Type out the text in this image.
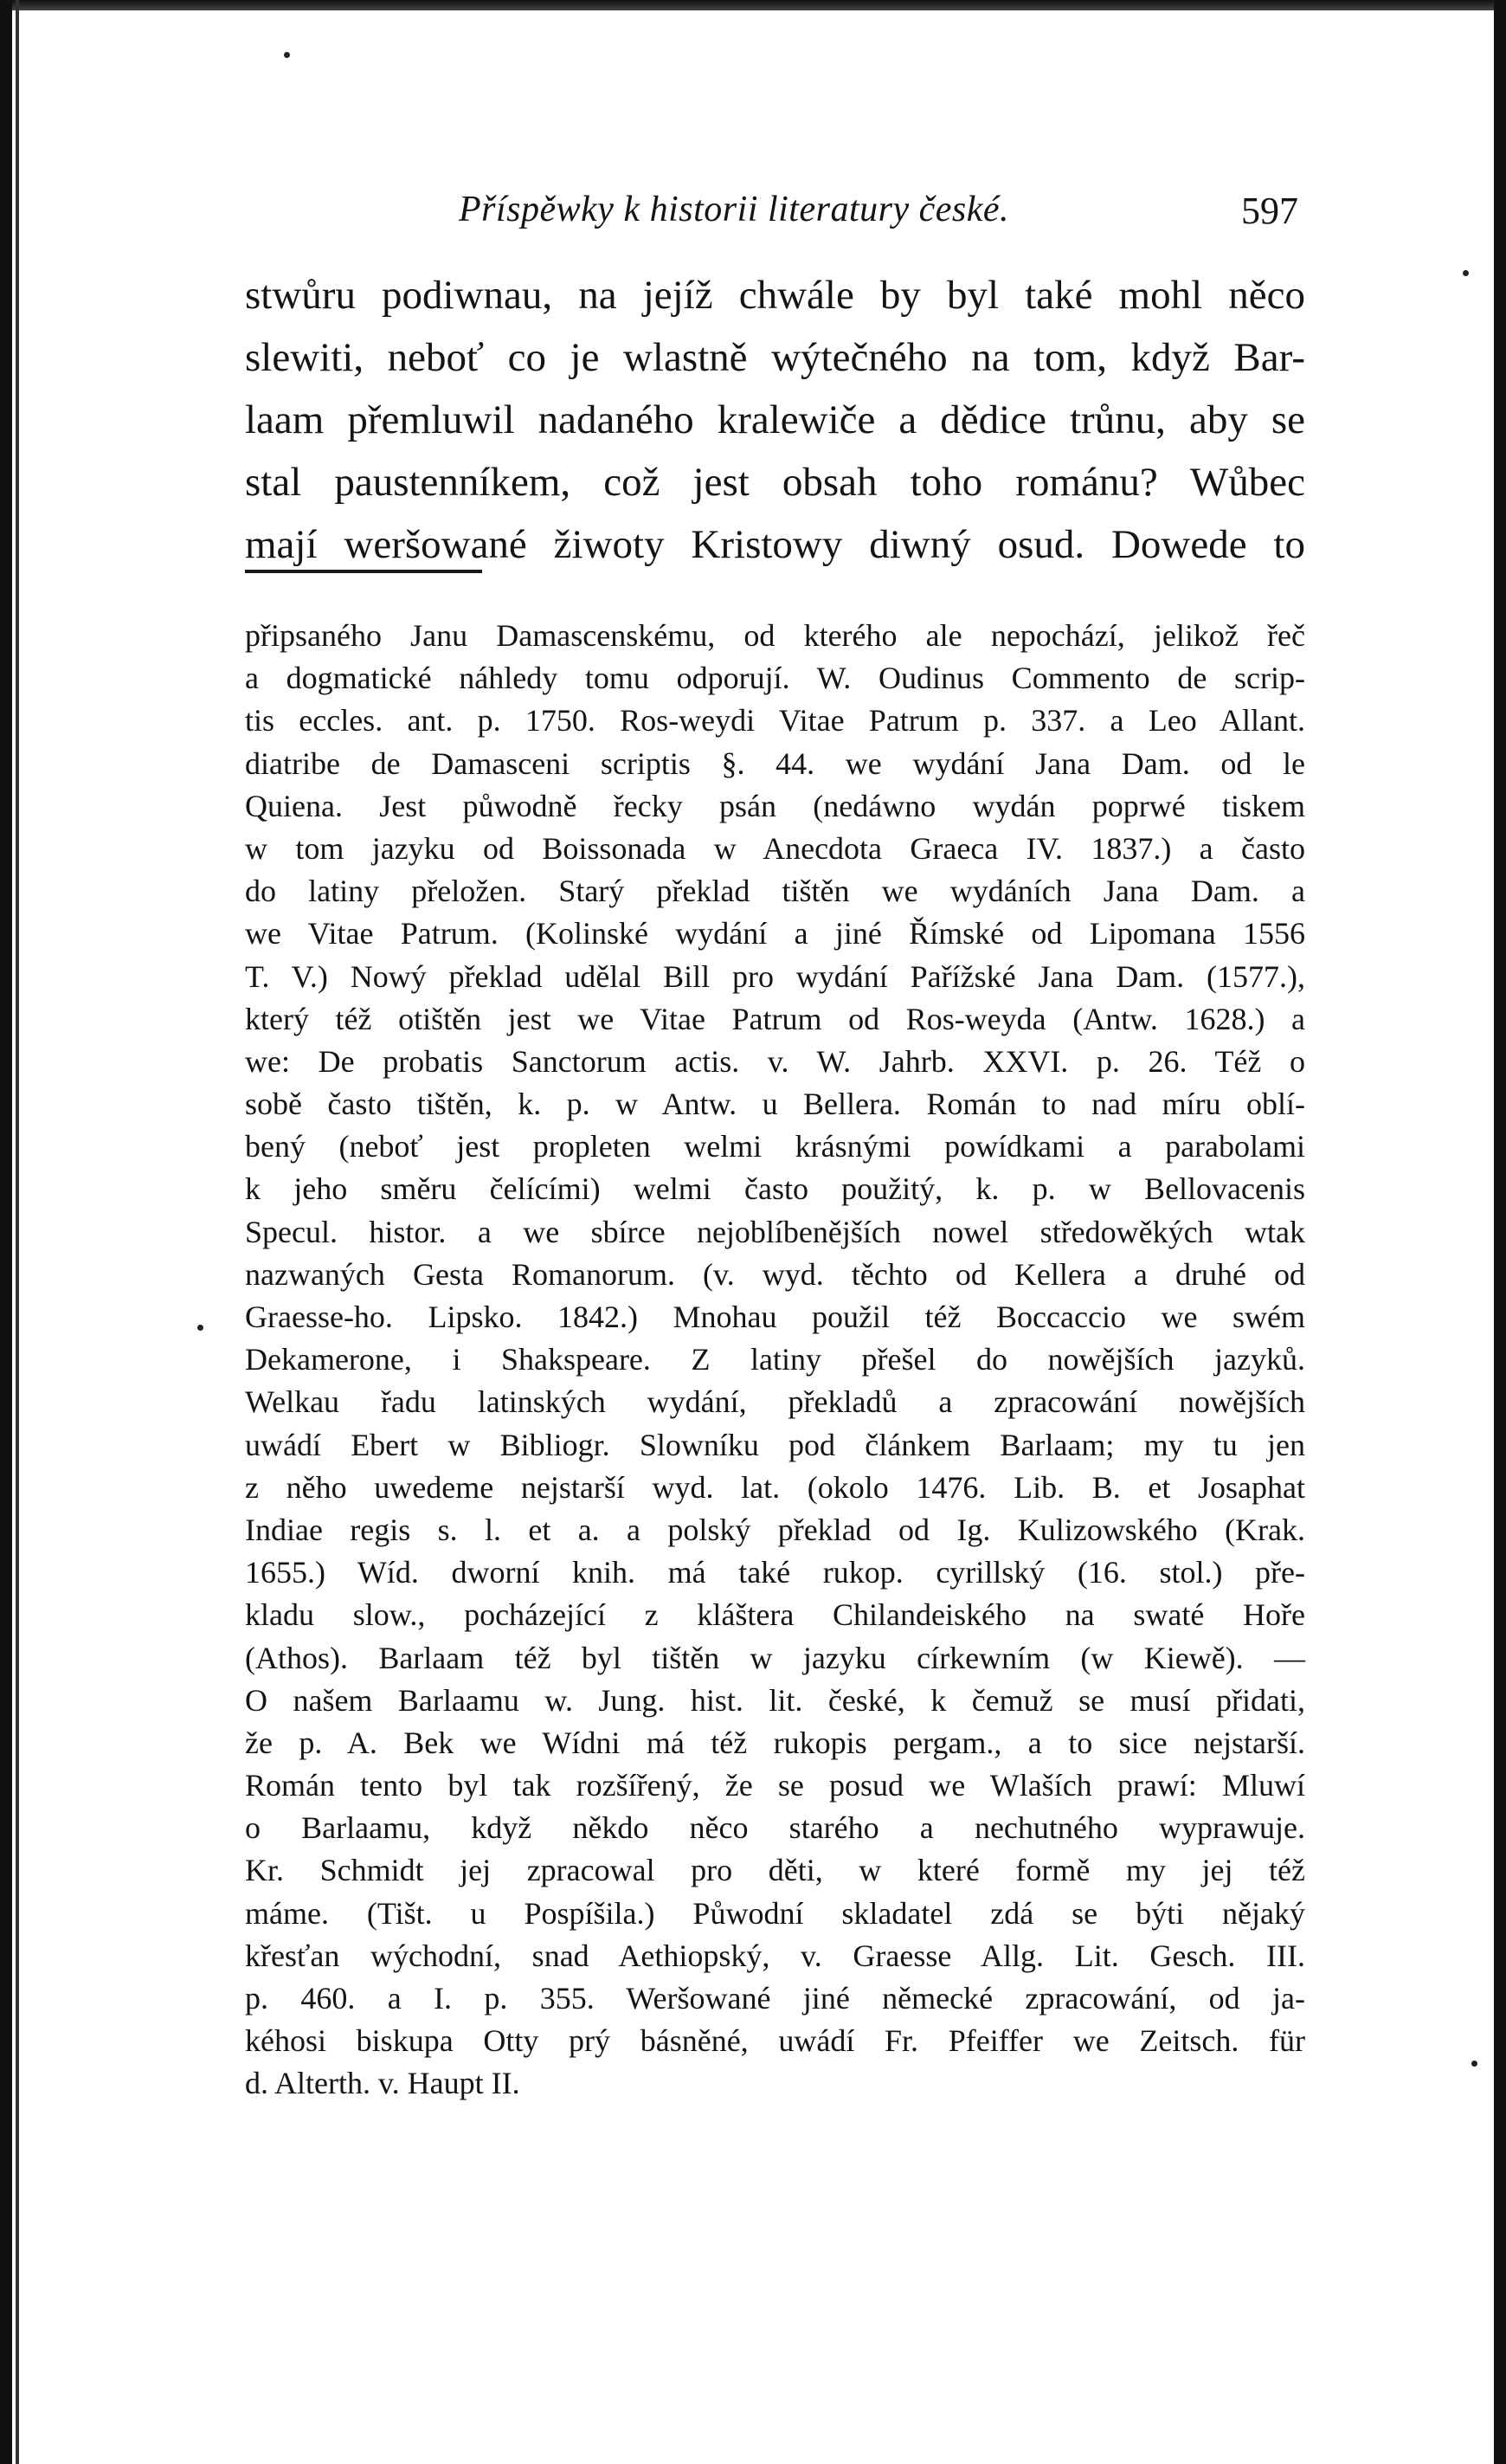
Příspěwky k historii literatury české.	597
stwůru podiwnau, na jejíž chwále by byl také mohl něco
slewiti, neboť co je wlastně wýtečného na tom, když Bar-
laam přemluwil nadaného kralewiče a dědice trůnu, aby se
stal paustenníkem, což jest obsah toho románu? Wůbec
mají weršowané žiwoty Kristowy diwný osud. Dowede to
připsaného Janu Damascenskému, od kterého ale nepochází, jelikož řeč
a dogmatické náhledy tomu odporují. W. Oudinus Commento de scrip-
tis eccles. ant. p. 1750. Ros-weydi Vitae Patrum p. 337. a Leo Allant.
diatribe de Damasceni scriptis §. 44. we wydání Jana Dam. od le
Quiena. Jest půwodně řecky psán (nedáwno wydán poprwé tiskem
w tom jazyku od Boissonada w Anecdota Graeca IV. 1837.) a často
do latiny přeložen. Starý překlad tištěn we wydáních Jana Dam. a
we Vitae Patrum. (Kolinské wydání a jiné Římské od Lipomana 1556
T. V.) Nowý překlad udělal Bill pro wydání Pařížské Jana Dam. (1577.),
který též otištěn jest we Vitae Patrum od Ros-weyda (Antw. 1628.) a
we: De probatis Sanctorum actis. v. W. Jahrb. XXVI. p. 26. Též o
sobě často tištěn, k. p. w Antw. u Bellera. Román to nad míru oblí-
bený (neboť jest propleten welmi krásnými powídkami a parabolami
k jeho směru čelícími) welmi často použitý, k. p. w Bellovacenis
Specul. histor. a we sbírce nejoblíbenějších nowel středowěkých wtak
nazwaných Gesta Romanorum. (v. wyd. těchto od Kellera a druhé od
Graesse-ho. Lipsko. 1842.) Mnohau použil též Boccaccio we swém
Dekamerone, i Shakspeare. Z latiny přešel do nowějších jazyků.
Welkau řadu latinských wydání, překladů a zpracowání nowějších
uwádí Ebert w Bibliogr. Slowníku pod článkem Barlaam; my tu jen
z něho uwedeme nejstarší wyd. lat. (okolo 1476. Lib. B. et Josaphat
Indiae regis s. l. et a. a polský překlad od Ig. Kulizowského (Krak.
1655.) Wíd. dworní knih. má také rukop. cyrillský (16. stol.) pře-
kladu slow., pocházející z kláštera Chilandeiského na swaté Hoře
(Athos). Barlaam též byl tištěn w jazyku církewním (w Kiewě). —
O našem Barlaamu w. Jung. hist. lit. české, k čemuž se musí přidati,
že p. A. Bek we Wídni má též rukopis pergam., a to sice nejstarší.
Román tento byl tak rozšířený, že se posud we Wlaších prawí: Mluwí
o Barlaamu, když někdo něco starého a nechutného wyprawuje.
Kr. Schmidt jej zpracowal pro děti, w které formě my jej též
máme. (Tišt. u Pospíšila.) Půwodní skladatel zdá se býti nějaký
křesťan wýchodní, snad Aethiopský, v. Graesse Allg. Lit. Gesch. III.
p. 460. a I. p. 355. Weršowané jiné německé zpracowání, od ja-
kéhosi biskupa Otty prý básněné, uwádí Fr. Pfeiffer we Zeitsch. für
d. Alterth. v. Haupt II.
